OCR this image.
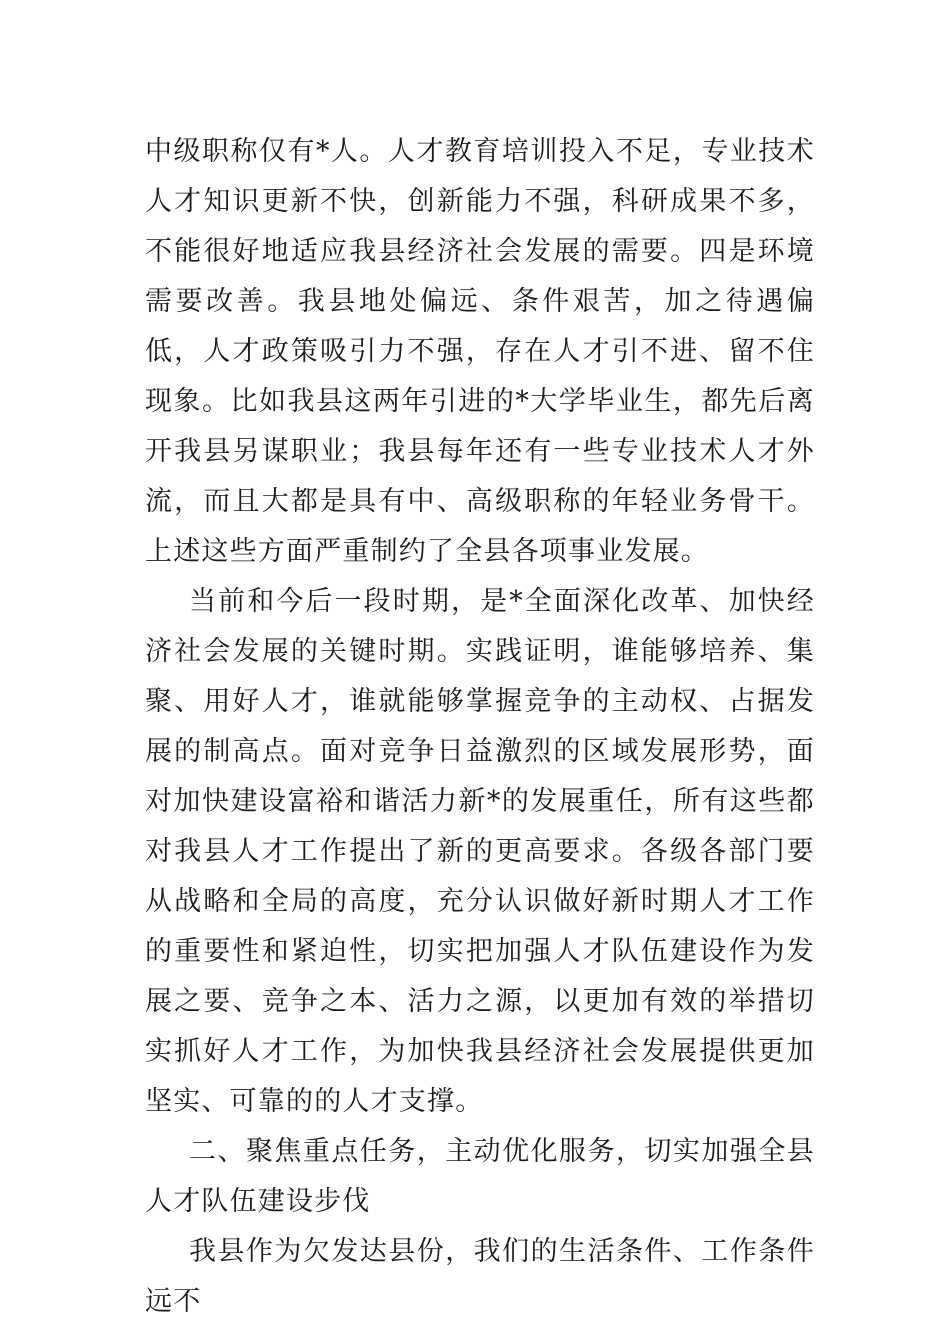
中级职称仅有*人。人才教育培训投入不足，专业技术人才知识更新不快，创新能力不强，科研成果不多，不能很好地适应我县经济社会发展的需要。四是环境需要改善。我县地处偏远、条件艰苦，加之待遇偏低，人才政策吸引力不强，存在人才引不进、留不住现象。比如我县这两年引进的*大学毕业生，都先后离开我县另谋职业；我县每年还有一些专业技术人才外流，而且大都是具有中、高级职称的年轻业务骨干。上述这些方面严重制约了全县各项事业发展。

当前和今后一段时期，是*全面深化改革、加快经济社会发展的关键时期。实践证明，谁能够培养、集聚、用好人才，谁就能够掌握竞争的主动权、占据发展的制高点。面对竞争日益激烈的区域发展形势，面对加快建设富裕和谐活力新*的发展重任，所有这些都对我县人才工作提出了新的更高要求。各级各部门要从战略和全局的高度，充分认识做好新时期人才工作的重要性和紧迫性，切实把加强人才队伍建设作为发展之要、竞争之本、活力之源，以更加有效的举措切实抓好人才工作，为加快我县经济社会发展提供更加坚实、可靠的的人才支撑。

二、聚焦重点任务，主动优化服务，切实加强全县人才队伍建设步伐

我县作为欠发达县份，我们的生活条件、工作条件远不
